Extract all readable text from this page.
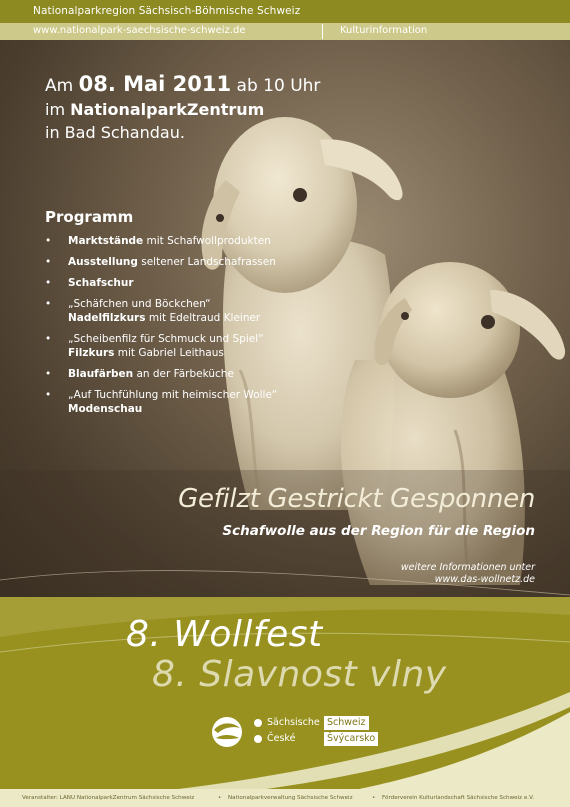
Nationalparkregion Sächsisch-Böhmische Schweiz
www.nationalpark-saechsische-schweiz.de	Kulturinformation
Am 08. Mai 2011 ab 10 Uhr
im NationalparkZentrum
in Bad Schandau.
Programm
• Marktstände mit Schafwollprodukten
• Ausstellung seltener Landschafrassen
• Schafschur
• „Schäfchen und Böckchen“ Nadelfilzkurs mit Edeltraud Kleiner
• „Scheibenfilz für Schmuck und Spiel“ Filzkurs mit Gabriel Leithaus
• Blaufärben an der Färbeküche
• „Auf Tuchfühlung mit heimischer Wolle“ Modenschau
Gefilzt Gestrickt Gesponnen
Schafwolle aus der Region für die Region
weitere Informationen unter
www.das-wollnetz.de
8. Wollfest
8. Slavnost vlny
Sächsische Schweiz
České	Švýcarsko
Veranstalter: LANU NationalparkZentrum Sächsische Schweiz	• Nationalparkverwaltung Sächsische Schweiz	• Förderverein Kulturlandschaft Sächsische Schweiz e.V.
